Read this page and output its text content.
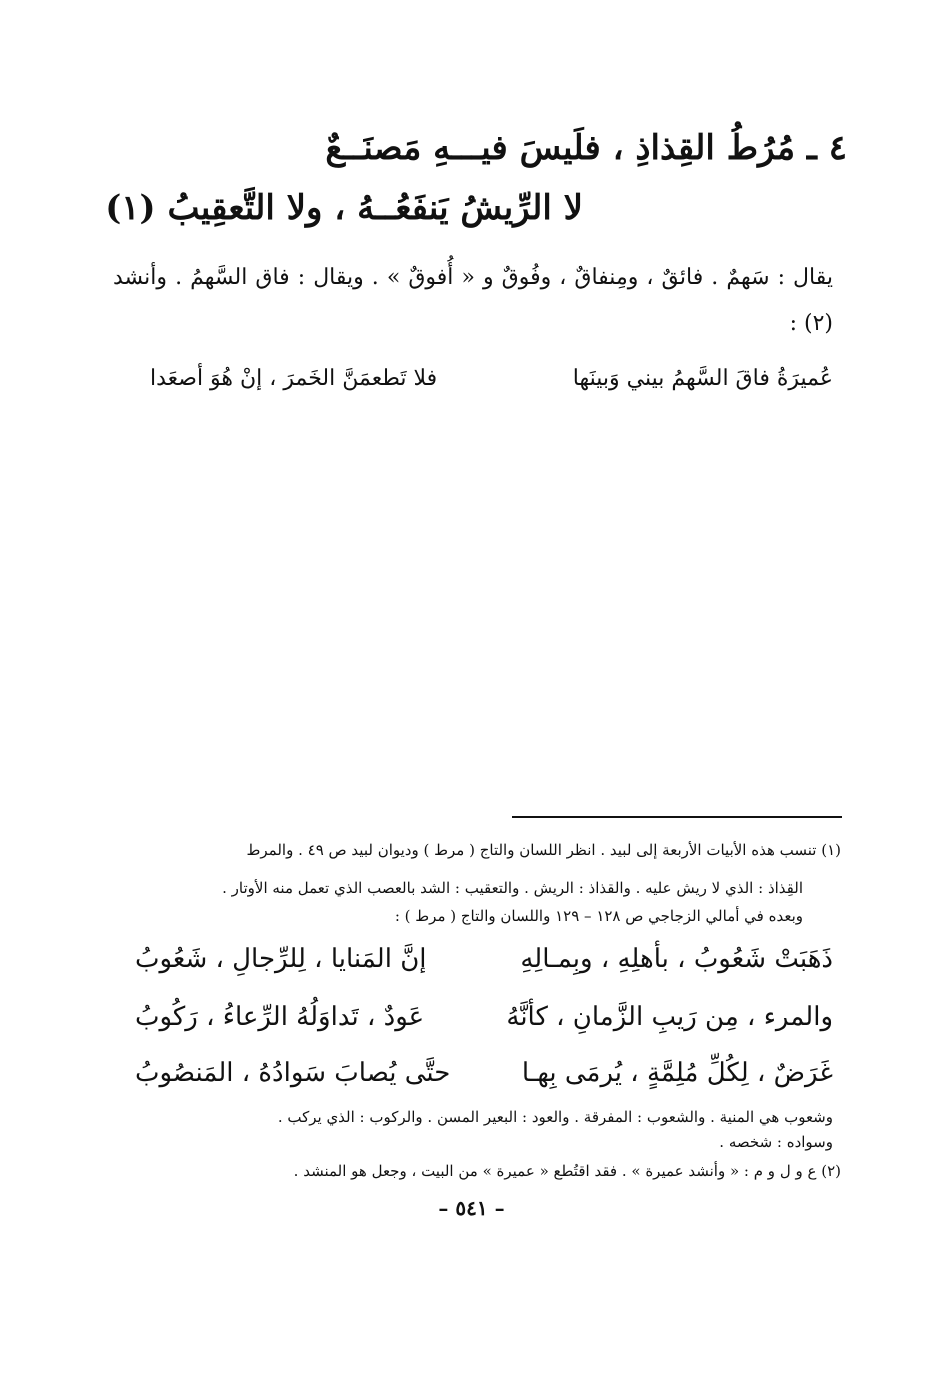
٤ ـ مُرُطُ القِذاذِ ، فلَيسَ فيـــهِ مَصنَــعٌ
لا الرِّيشُ يَنفَعُــهُ ، ولا التَّعقِيبُ (١)
يقال : سَهمٌ . فائقٌ ، ومِنفاقٌ ، وفُوقٌ و « أُفوقٌ » . ويقال : فاق السَّهمُ . وأنشد (٢) :
عُميرَةُ فاقَ السَّهمُ بيني وَبينَها
فلا تَطعمَنَّ الخَمرَ ، إنْ هُوَ أصعَدا
(١) تنسب هذه الأبيات الأربعة إلى لبيد . انظر اللسان والتاج ( مرط ) وديوان لبيد ص ٤٩ . والمرط
القِذاذ : الذي لا ريش عليه . والقذاذ : الريش . والتعقيب : الشد بالعصب الذي تعمل منه الأوتار .
وبعده في أمالي الزجاجي ص ١٢٨ – ١٢٩ واللسان والتاج ( مرط ) :
ذَهَبَتْ شَعُوبُ ، بأهلِهِ ، وبِمـالِهِ
إنَّ المَنايا ، لِلرِّجالِ ، شَعُوبُ
والمرء ، مِن رَيبِ الزَّمانِ ، كأنَّهُ
عَودٌ ، تَداوَلُهُ الرِّعاءُ ، رَكُوبُ
غَرَضٌ ، لِكُلِّ مُلِمَّةٍ ، يُرمَى بِهـا
حتَّى يُصابَ سَوادُهُ ، المَنصُوبُ
وشعوب هي المنية . والشعوب : المفرقة . والعود : البعير المسن . والركوب : الذي يركب .
وسواده : شخصه .
(٢) ع و ل و م : « وأنشد عميرة » . فقد اقتُطع « عميرة » من البيت ، وجعل هو المنشد .
– ٥٤١ –
